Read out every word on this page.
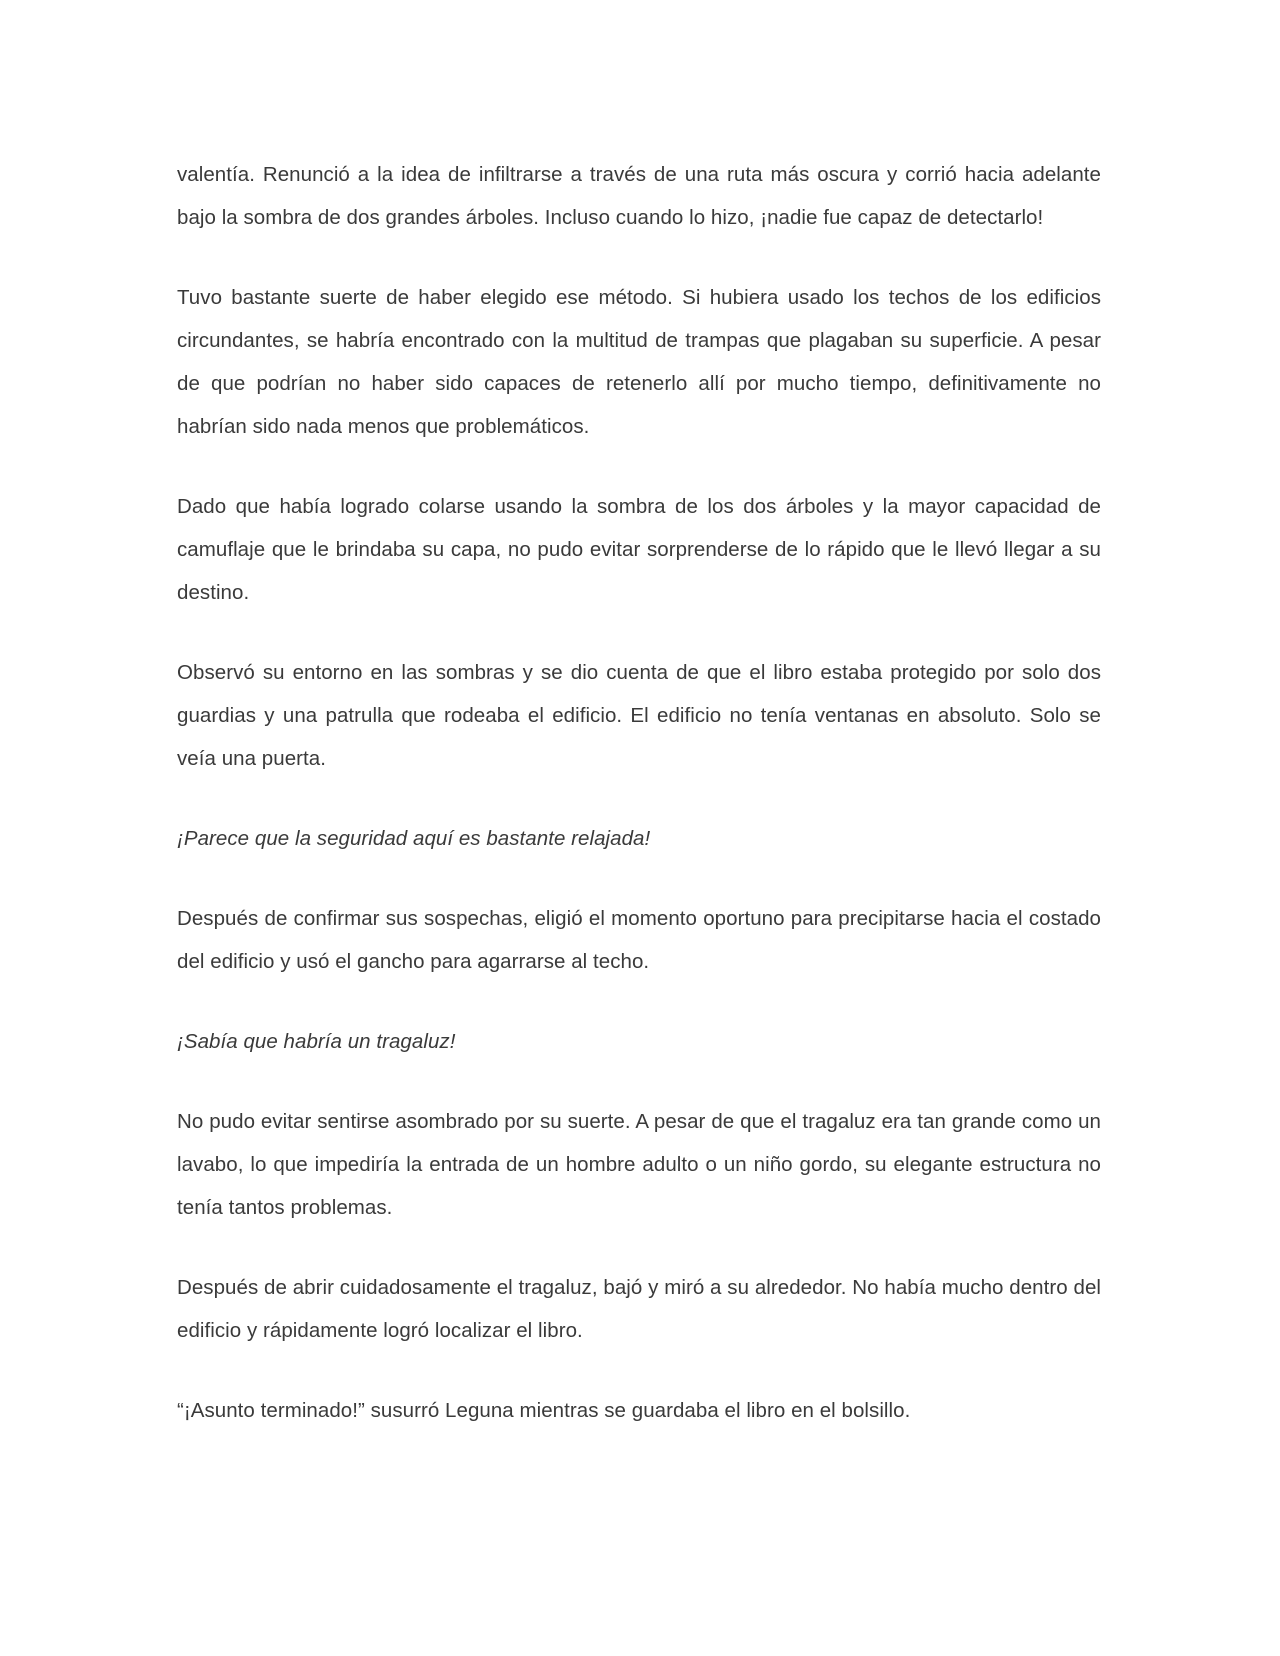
valentía. Renunció a la idea de infiltrarse a través de una ruta más oscura y corrió hacia adelante bajo la sombra de dos grandes árboles. Incluso cuando lo hizo, ¡nadie fue capaz de detectarlo!

Tuvo bastante suerte de haber elegido ese método. Si hubiera usado los techos de los edificios circundantes, se habría encontrado con la multitud de trampas que plagaban su superficie. A pesar de que podrían no haber sido capaces de retenerlo allí por mucho tiempo, definitivamente no habrían sido nada menos que problemáticos.

Dado que había logrado colarse usando la sombra de los dos árboles y la mayor capacidad de camuflaje que le brindaba su capa, no pudo evitar sorprenderse de lo rápido que le llevó llegar a su destino.

Observó su entorno en las sombras y se dio cuenta de que el libro estaba protegido por solo dos guardias y una patrulla que rodeaba el edificio. El edificio no tenía ventanas en absoluto. Solo se veía una puerta.

¡Parece que la seguridad aquí es bastante relajada!

Después de confirmar sus sospechas, eligió el momento oportuno para precipitarse hacia el costado del edificio y usó el gancho para agarrarse al techo.

¡Sabía que habría un tragaluz!

No pudo evitar sentirse asombrado por su suerte. A pesar de que el tragaluz era tan grande como un lavabo, lo que impediría la entrada de un hombre adulto o un niño gordo, su elegante estructura no tenía tantos problemas.

Después de abrir cuidadosamente el tragaluz, bajó y miró a su alrededor. No había mucho dentro del edificio y rápidamente logró localizar el libro.

“¡Asunto terminado!” susurró Leguna mientras se guardaba el libro en el bolsillo.
